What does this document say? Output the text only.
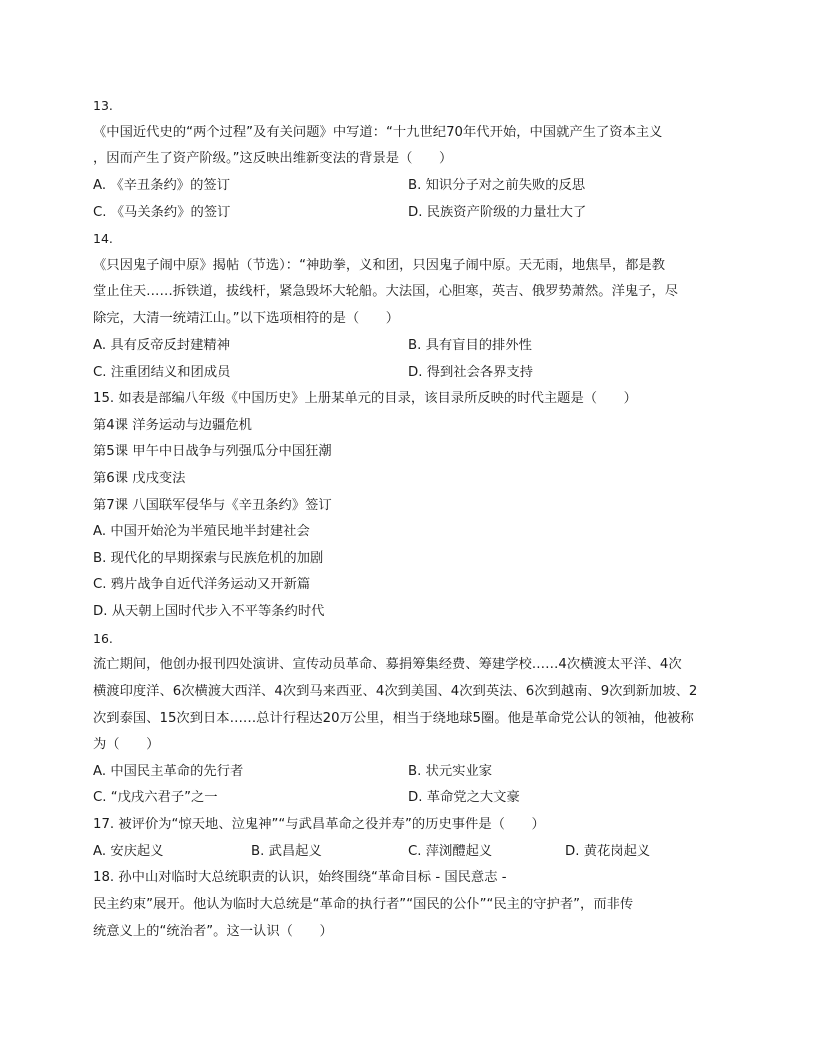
13.
《中国近代史的“两个过程”及有关问题》中写道：“十九世纪70年代开始，中国就产生了资本主义
，因而产生了资产阶级。”这反映出维新变法的背景是（　　）
A. 《辛丑条约》的签订	B. 知识分子对之前失败的反思
C. 《马关条约》的签订	D. 民族资产阶级的力量壮大了
14.
《只因鬼子闹中原》揭帖（节选）：“神助拳，义和团，只因鬼子闹中原。天无雨，地焦旱，都是教
堂止住天……拆铁道，拔线杆，紧急毁坏大轮船。大法国，心胆寒，英吉、俄罗势萧然。洋鬼子，尽
除完，大清一统靖江山。”以下选项相符的是（　　）
A. 具有反帝反封建精神	B. 具有盲目的排外性
C. 注重团结义和团成员	D. 得到社会各界支持
15. 如表是部编八年级《中国历史》上册某单元的目录，该目录所反映的时代主题是（　　）
第4课 洋务运动与边疆危机
第5课 甲午中日战争与列强瓜分中国狂潮
第6课 戊戌变法
第7课 八国联军侵华与《辛丑条约》签订
A. 中国开始沦为半殖民地半封建社会
B. 现代化的早期探索与民族危机的加剧
C. 鸦片战争自近代洋务运动又开新篇
D. 从天朝上国时代步入不平等条约时代
16.
流亡期间，他创办报刊四处演讲、宣传动员革命、募捐筹集经费、筹建学校……4次横渡太平洋、4次
横渡印度洋、6次横渡大西洋、4次到马来西亚、4次到美国、4次到英法、6次到越南、9次到新加坡、2
次到泰国、15次到日本……总计行程达20万公里，相当于绕地球5圈。他是革命党公认的领袖，他被称
为（　　）
A. 中国民主革命的先行者	B. 状元实业家
C. “戊戌六君子”之一	D. 革命党之大文豪
17. 被评价为“惊天地、泣鬼神”“与武昌革命之役并寿”的历史事件是（　　）
A. 安庆起义	B. 武昌起义	C. 萍浏醴起义	D. 黄花岗起义
18. 孙中山对临时大总统职责的认识，始终围绕“革命目标 - 国民意志 -
民主约束”展开。他认为临时大总统是“革命的执行者”“国民的公仆”“民主的守护者”，而非传
统意义上的“统治者”。这一认识（　　）
